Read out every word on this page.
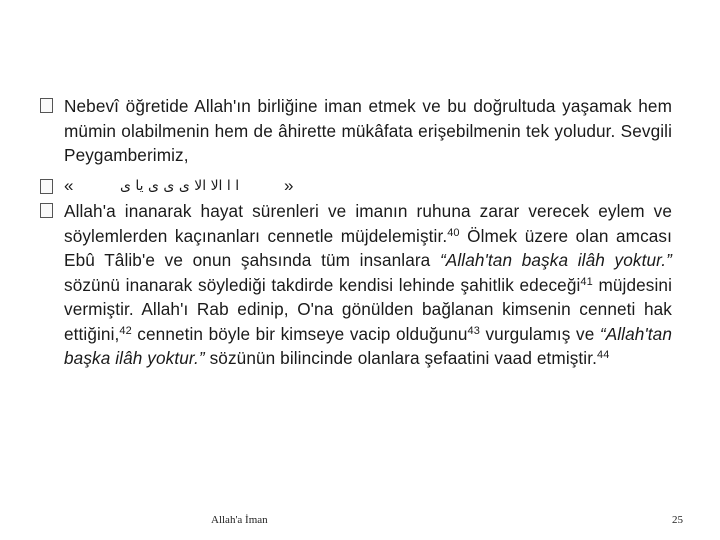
Nebevî öğretide Allah'ın birliğine iman etmek ve bu doğrultuda yaşamak hem mümin olabilmenin hem de âhirette mükâfata erişebilmenin tek yoludur. Sevgili Peygamberimiz,
«	ا ا الا الا ى ى ى يا ى	»
Allah'a inanarak hayat sürenleri ve imanın ruhuna zarar verecek eylem ve söylemlerden kaçınanları cennetle müjdelemiştir.$^{40}$ Ölmek üzere olan amcası Ebû Tâlib'e ve onun şahsında tüm insanlara “Allah'tan başka ilâh yoktur.” sözünü inanarak söylediği takdirde kendisi lehinde şahitlik edeceği$^{41}$ müjdesini vermiştir. Allah'ı Rab edinip, O'na gönülden bağlanan kimsenin cenneti hak ettiğini,$^{42}$ cennetin böyle bir kimseye vacip olduğunu$^{43}$ vurgulamış ve “Allah'tan başka ilâh yoktur.” sözünün bilincinde olanlara şefaatini vaad etmiştir.$^{44}$
Allah'a İman	25
